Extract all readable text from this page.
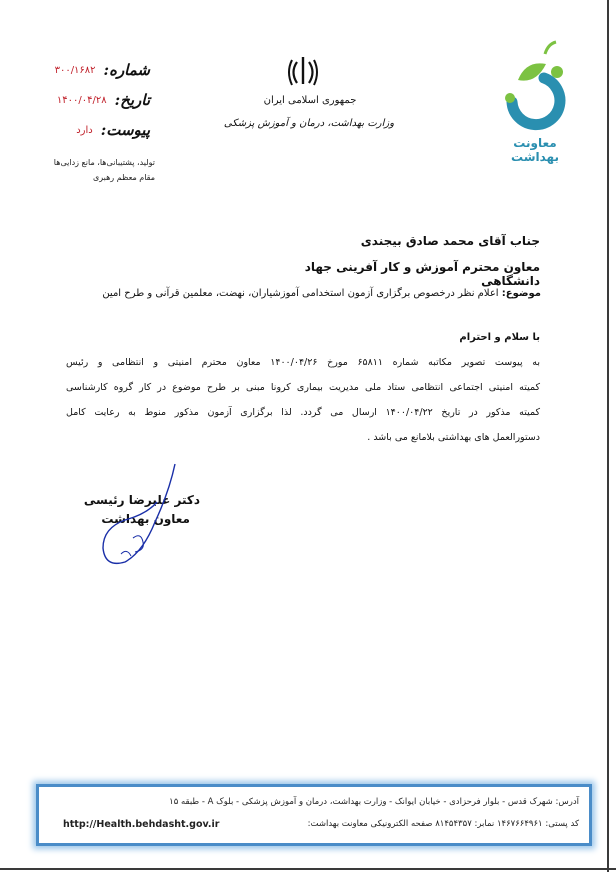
معاونت بهداشت
جمهوری اسلامی ایران
وزارت بهداشت، درمان و آموزش پزشکی
شماره:
۳۰۰/۱۶۸۲
تاریخ:
۱۴۰۰/۰۴/۲۸
پیوست:
دارد
تولید، پشتیبانی‌ها، مانع زدایی‌ها
مقام معظم رهبری
جناب آقای محمد صادق بیجندی
معاون محترم آموزش و کار آفرینی جهاد دانشگاهی
موضوع: اعلام نظر درخصوص برگزاری آزمون استخدامی آموزشیاران، نهضت، معلمین قرآنی و طرح امین
با سلام و احترام
به پیوست تصویر مکاتبه شماره ۶۵۸۱۱ مورخ ۱۴۰۰/۰۴/۲۶ معاون محترم امنیتی و انتظامی و رئیس
کمیته امنیتی اجتماعی انتظامی ستاد ملی مدیریت بیماری کرونا مبنی بر طرح موضوع در کار گروه کارشناسی
کمیته مذکور در تاریخ ۱۴۰۰/۰۴/۲۲ ارسال می گردد. لذا برگزاری آزمون مذکور منوط به رعایت کامل
دستورالعمل های بهداشتی بلامانع می باشد .
دکتر علیرضا رئیسی
معاون بهداشت
آدرس: شهرک قدس - بلوار فرحزادی - خیابان ایوانک - وزارت بهداشت، درمان و آموزش پزشکی - بلوک A - طبقه ۱۵
کد پستی: ۱۴۶۷۶۶۴۹۶۱ نمابر: ۸۱۴۵۴۳۵۷ صفحه الکترونیکی معاونت بهداشت:
http://Health.behdasht.gov.ir
